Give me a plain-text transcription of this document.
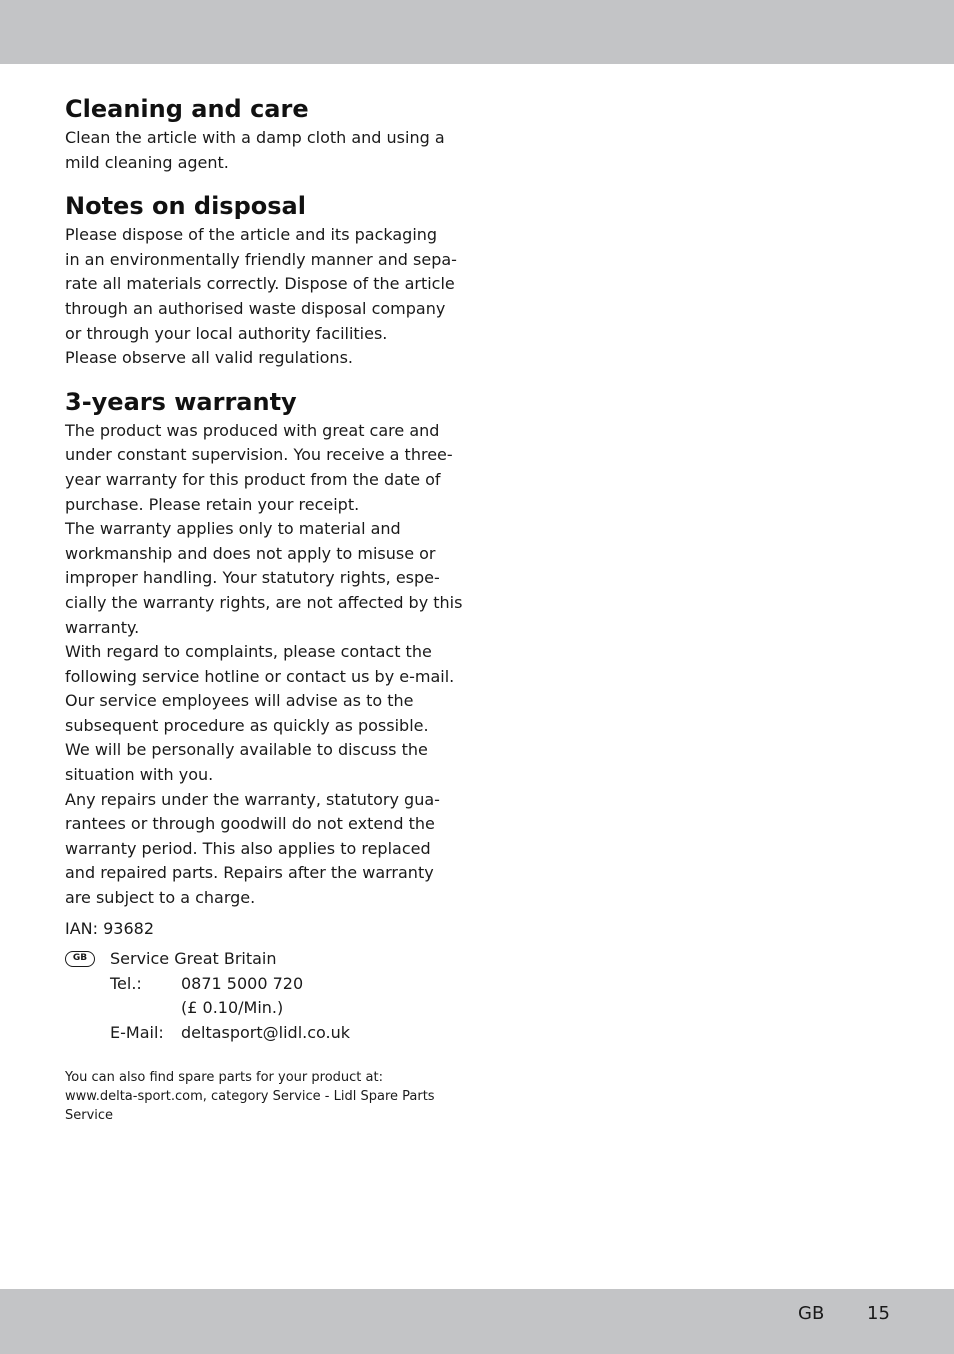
Cleaning and care

Clean the article with a damp cloth and using a
mild cleaning agent.

Notes on disposal

Please dispose of the article and its packaging
in an environmentally friendly manner and sepa-
rate all materials correctly. Dispose of the article
through an authorised waste disposal company
or through your local authority facilities.
Please observe all valid regulations.

3-years warranty

The product was produced with great care and
under constant supervision. You receive a three-
year warranty for this product from the date of
purchase. Please retain your receipt.

The warranty applies only to material and
workmanship and does not apply to misuse or
improper handling. Your statutory rights, espe-
cially the warranty rights, are not affected by this
warranty.

With regard to complaints, please contact the
following service hotline or contact us by e-mail.
Our service employees will advise as to the
subsequent procedure as quickly as possible.
We will be personally available to discuss the
situation with you.

Any repairs under the warranty, statutory gua-
rantees or through goodwill do not extend the
warranty period. This also applies to replaced
and repaired parts. Repairs after the warranty
are subject to a charge.

IAN: 93682

GB	Service Great Britain
Tel.: 0871 5000 720
(£ 0.10/Min.)
E-Mail: deltasport@lidl.co.uk

You can also find spare parts for your product at:
www.delta-sport.com, category Service - Lidl Spare Parts
Service

GB 15
